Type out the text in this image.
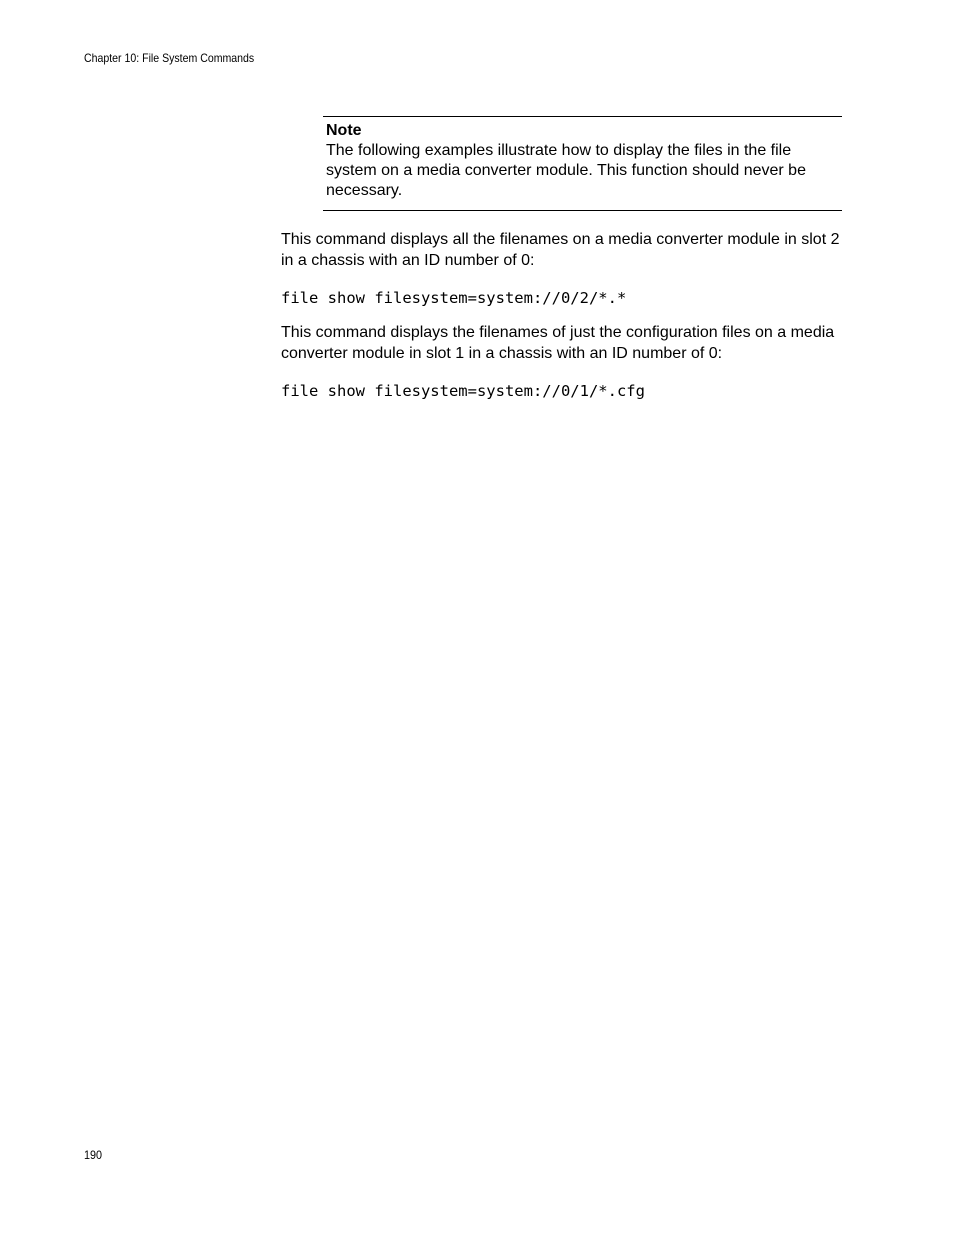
Chapter 10: File System Commands
Note
The following examples illustrate how to display the files in the file system on a media converter module. This function should never be necessary.

This command displays all the filenames on a media converter module in slot 2 in a chassis with an ID number of 0:

file show filesystem=system://0/2/*.*

This command displays the filenames of just the configuration files on a media converter module in slot 1 in a chassis with an ID number of 0:

file show filesystem=system://0/1/*.cfg
190
